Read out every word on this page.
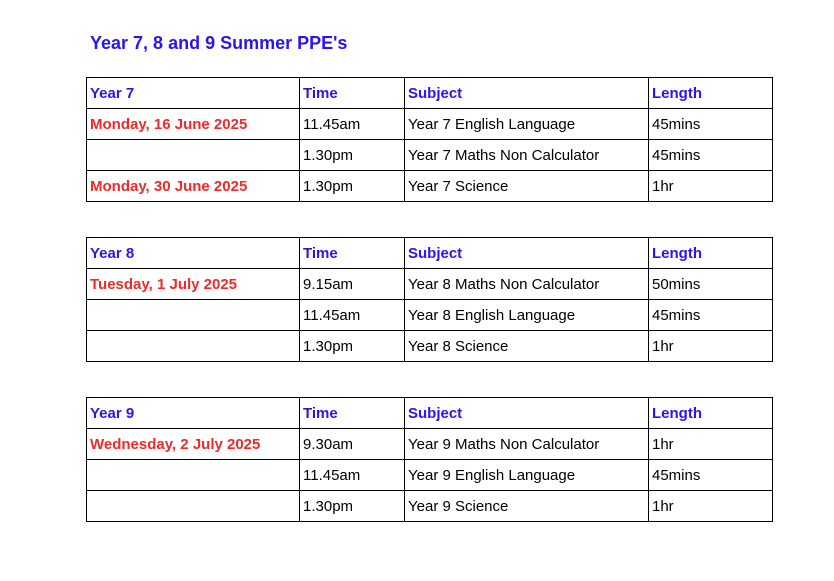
Year 7, 8 and 9 Summer PPE's
Year 7	Time	Subject	Length
Monday, 16 June 2025	11.45am	Year 7 English Language	45mins
	1.30pm	Year 7 Maths Non Calculator	45mins
Monday, 30 June 2025	1.30pm	Year 7 Science	1hr
Year 8	Time	Subject	Length
Tuesday, 1 July 2025	9.15am	Year 8 Maths Non Calculator	50mins
	11.45am	Year 8 English Language	45mins
	1.30pm	Year 8 Science	1hr
Year 9	Time	Subject	Length
Wednesday, 2 July 2025	9.30am	Year 9 Maths Non Calculator	1hr
	11.45am	Year 9 English Language	45mins
	1.30pm	Year 9 Science	1hr
